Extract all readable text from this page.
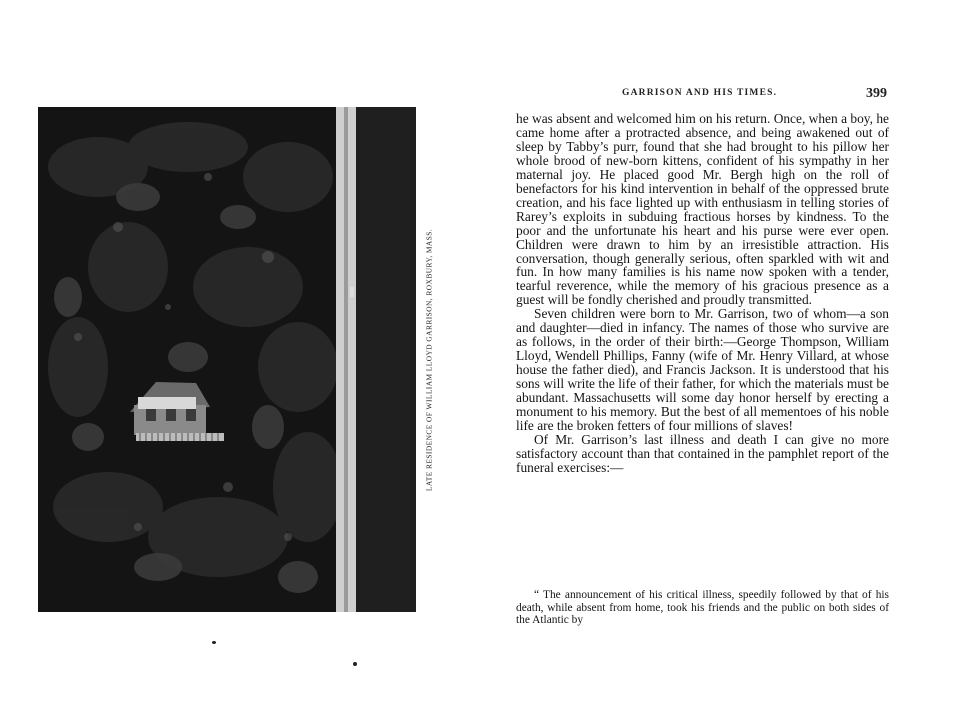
LATE RESIDENCE OF WILLIAM LLOYD GARRISON, ROXBURY, MASS.
GARRISON AND HIS TIMES.	399

he was absent and welcomed him on his return. Once, when a boy, he came home after a protracted absence, and being awakened out of sleep by Tabby’s purr, found that she had brought to his pillow her whole brood of new-born kittens, confident of his sympathy in her maternal joy. He placed good Mr. Bergh high on the roll of benefactors for his kind intervention in behalf of the oppressed brute creation, and his face lighted up with enthusiasm in telling stories of Rarey’s exploits in subduing fractious horses by kindness. To the poor and the unfortunate his heart and his purse were ever open. Children were drawn to him by an irresistible attraction. His conversation, though generally serious, often sparkled with wit and fun. In how many families is his name now spoken with a tender, tearful reverence, while the memory of his gracious presence as a guest will be fondly cherished and proudly transmitted.

Seven children were born to Mr. Garrison, two of whom—a son and daughter—died in infancy. The names of those who survive are as follows, in the order of their birth:—George Thompson, William Lloyd, Wendell Phillips, Fanny (wife of Mr. Henry Villard, at whose house the father died), and Francis Jackson. It is understood that his sons will write the life of their father, for which the materials must be abundant. Massachusetts will some day honor herself by erecting a monument to his memory. But the best of all mementoes of his noble life are the broken fetters of four millions of slaves!

Of Mr. Garrison’s last illness and death I can give no more satisfactory account than that contained in the pamphlet report of the funeral exercises:—

“ The announcement of his critical illness, speedily followed by that of his death, while absent from home, took his friends and the public on both sides of the Atlantic by
